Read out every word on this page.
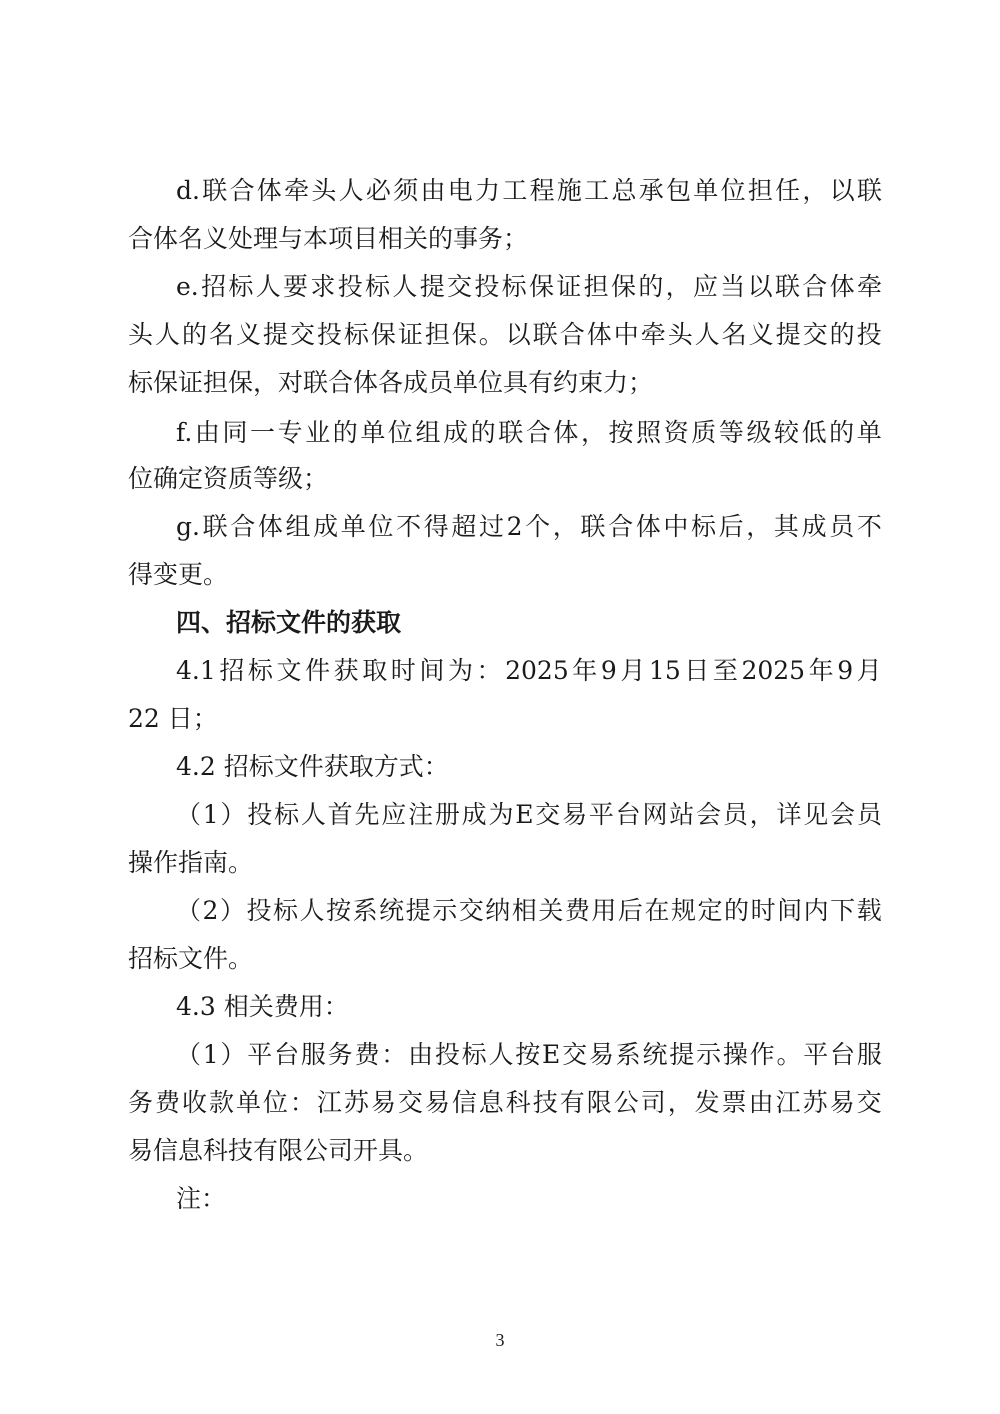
d. 联 合 体 牵 头 人 必 须 由 电 力 工 程 施 工 总 承 包 单 位 担 任 ， 以 联
合体名义处理与本项目相关的事务；
e. 招 标 人 要 求 投 标 人 提 交 投 标 保 证 担 保 的 ， 应 当 以 联 合 体 牵
头 人 的 名 义 提 交 投 标 保 证 担 保 。 以 联 合 体 中 牵 头 人 名 义 提 交 的 投
标保证担保，对联合体各成员单位具有约束力；
f. 由 同 一 专 业 的 单 位 组 成 的 联 合 体 ， 按 照 资 质 等 级 较 低 的 单
位确定资质等级；
g. 联 合 体 组 成 单 位 不 得 超 过 2 个 ， 联 合 体 中 标 后 ， 其 成 员 不
得变更。
四、招标文件的获取
4.1 招 标 文 件 获 取 时 间 为 ： 2025 年 9 月 15 日 至 2025 年 9 月
22 日；
4.2 招标文件获取方式：
（ 1 ） 投 标 人 首 先 应 注 册 成 为 E 交 易 平 台 网 站 会 员 ， 详 见 会 员
操作指南。
（ 2 ） 投 标 人 按 系 统 提 示 交 纳 相 关 费 用 后 在 规 定 的 时 间 内 下 载
招标文件。
4.3 相关费用：
（ 1 ） 平 台 服 务 费 ： 由 投 标 人 按 E 交 易 系 统 提 示 操 作 。 平 台 服
务 费 收 款 单 位 ： 江 苏 易 交 易 信 息 科 技 有 限 公 司 ， 发 票 由 江 苏 易 交
易信息科技有限公司开具。
注：
3
